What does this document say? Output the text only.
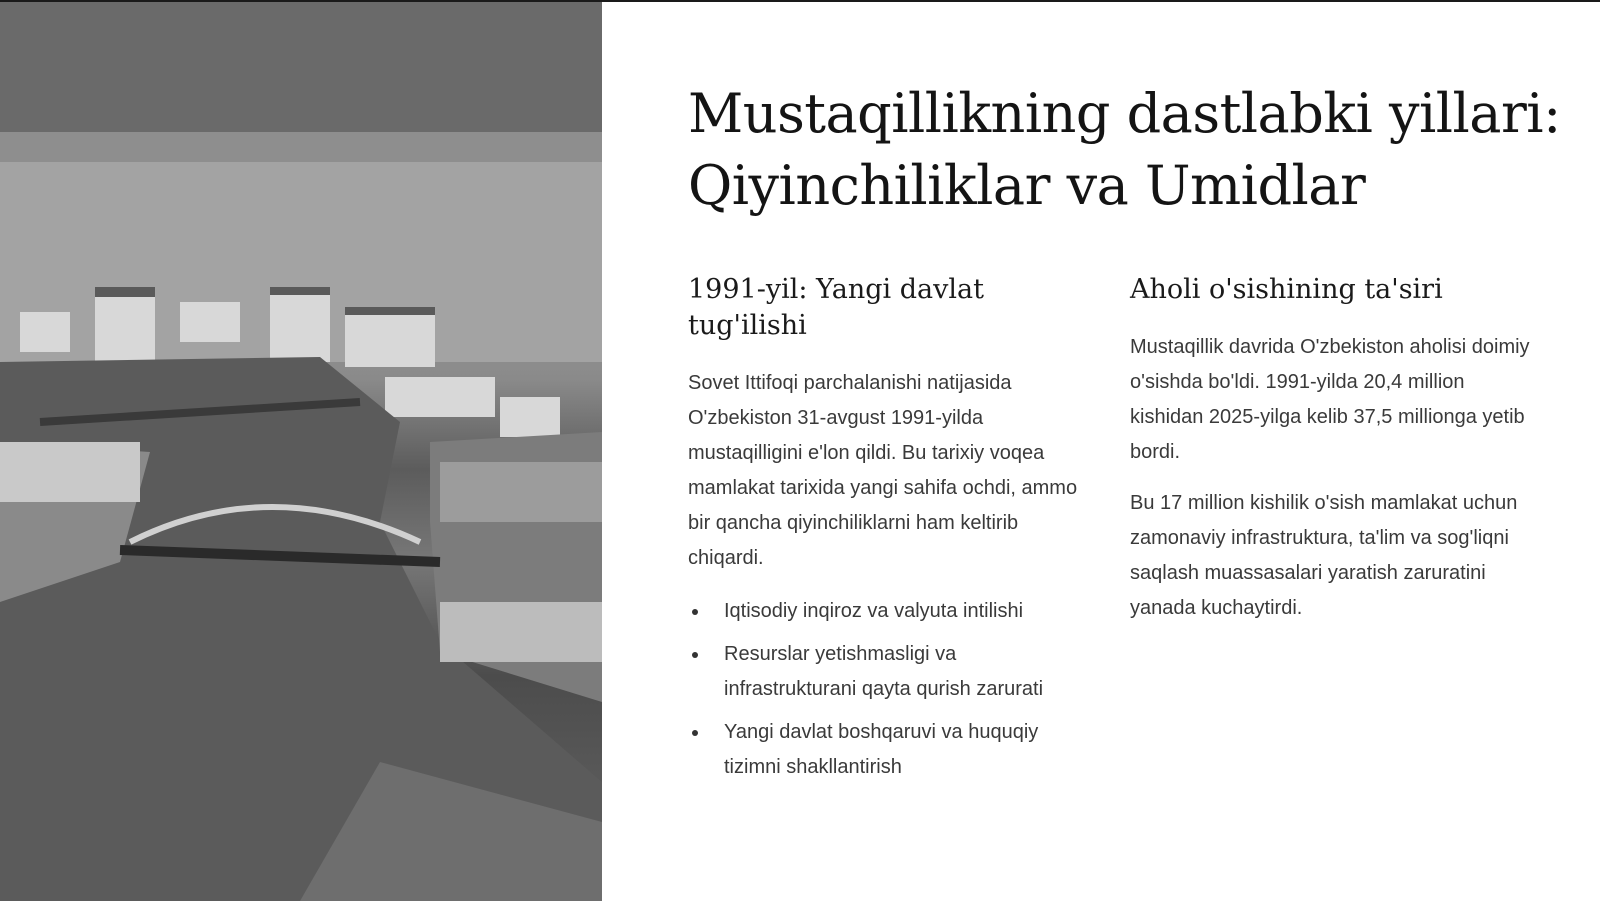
Mustaqillikning dastlabki yillari: Qiyinchiliklar va Umidlar
1991-yil: Yangi davlat tug'ilishi

Sovet Ittifoqi parchalanishi natijasida O'zbekiston 31-avgust 1991-yilda mustaqilligini e'lon qildi. Bu tarixiy voqea mamlakat tarixida yangi sahifa ochdi, ammo bir qancha qiyinchiliklarni ham keltirib chiqardi.

Iqtisodiy inqiroz va valyuta intilishi
Resurslar yetishmasligi va infrastrukturani qayta qurish zarurati
Yangi davlat boshqaruvi va huquqiy tizimni shakllantirish
Aholi o'sishining ta'siri

Mustaqillik davrida O'zbekiston aholisi doimiy o'sishda bo'ldi. 1991-yilda 20,4 million kishidan 2025-yilga kelib 37,5 millionga yetib bordi.

Bu 17 million kishilik o'sish mamlakat uchun zamonaviy infrastruktura, ta'lim va sog'liqni saqlash muassasalari yaratish zaruratini yanada kuchaytirdi.
